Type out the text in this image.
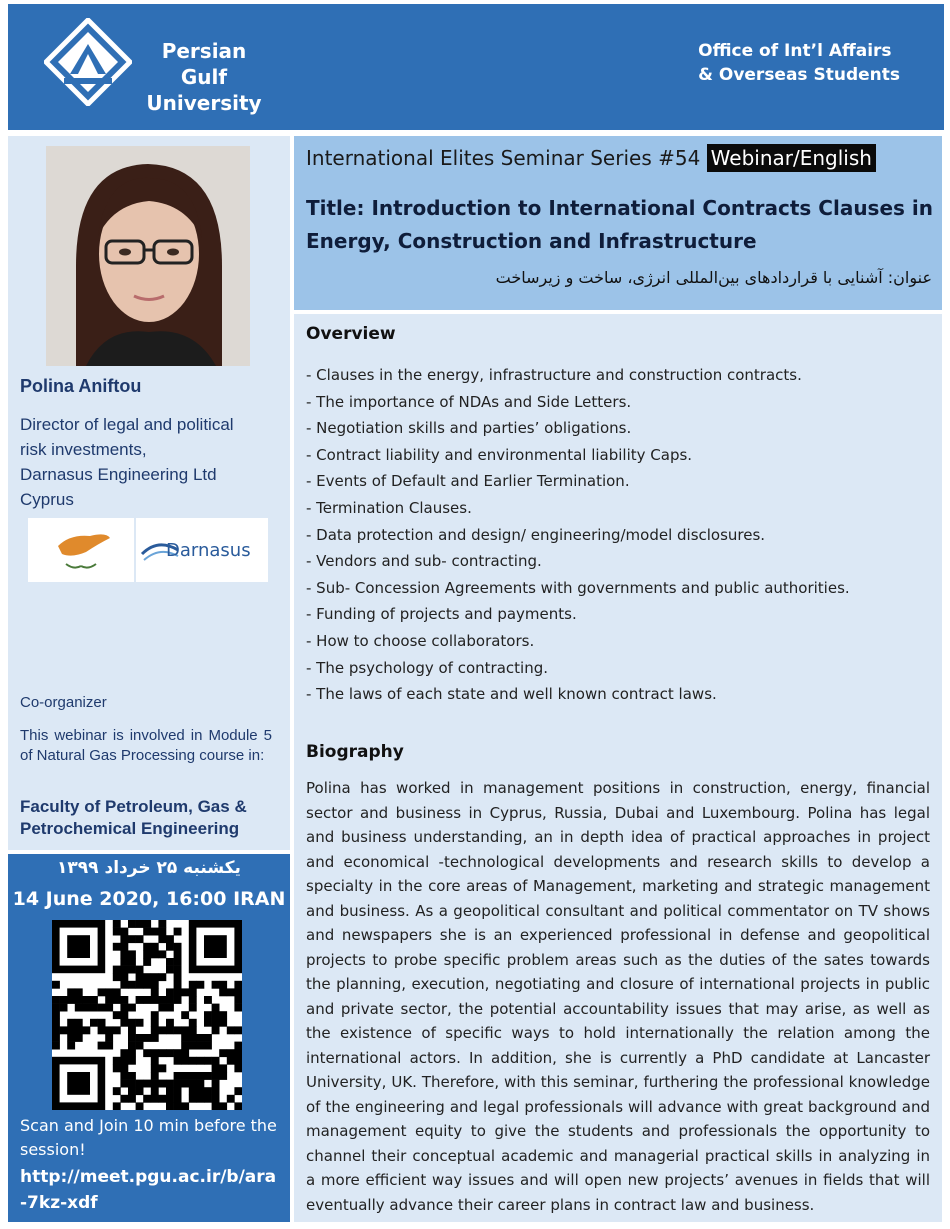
Persian Gulf University
Office of Int’l Affairs
& Overseas Students
Polina Aniftou
Director of legal and political
risk investments,
Darnasus Engineering Ltd
Cyprus
Darnasus
Co-organizer
This webinar is involved in Module 5 of Natural Gas Processing course in:
Faculty of Petroleum, Gas & Petrochemical Engineering
یکشنبه ۲۵ خرداد ۱۳۹۹
14 June 2020, 16:00 IRAN
Scan and Join 10 min before the session!
http://meet.pgu.ac.ir/b/ara-7kz-xdf
International Elites Seminar Series #54 Webinar/English
Title: Introduction to International Contracts Clauses in Energy, Construction and Infrastructure
عنوان: آشنایی با قراردادهای بین‌المللی انرژی، ساخت و زیرساخت
Overview
- Clauses in the energy, infrastructure and construction contracts.
- The importance of NDAs and Side Letters.
- Negotiation skills and parties’ obligations.
- Contract liability and environmental liability Caps.
- Events of Default and Earlier Termination.
- Termination Clauses.
- Data protection and design/ engineering/model disclosures.
- Vendors and sub- contracting.
- Sub- Concession Agreements with governments and public authorities.
- Funding of projects and payments.
- How to choose collaborators.
- The psychology of contracting.
- The laws of each state and well known contract laws.
Biography

Polina has worked in management positions in construction, energy, financial sector and business in Cyprus, Russia, Dubai and Luxembourg. Polina has legal and business understanding, an in depth idea of practical approaches in project and economical -technological developments and research skills to develop a specialty in the core areas of Management, marketing and strategic management and business. As a geopolitical consultant and political commentator on TV shows and newspapers she is an experienced professional in defense and geopolitical projects to probe specific problem areas such as the duties of the sates towards the planning, execution, negotiating and closure of international projects in public and private sector, the potential accountability issues that may arise, as well as the existence of specific ways to hold internationally the relation among the international actors. In addition, she is currently a PhD candidate at Lancaster University, UK. Therefore, with this seminar, furthering the professional knowledge of the engineering and legal professionals will advance with great background and management equity to give the students and professionals the opportunity to channel their conceptual academic and managerial practical skills in analyzing in a more efficient way issues and will open new projects’ avenues in fields that will eventually advance their career plans in contract law and business.
